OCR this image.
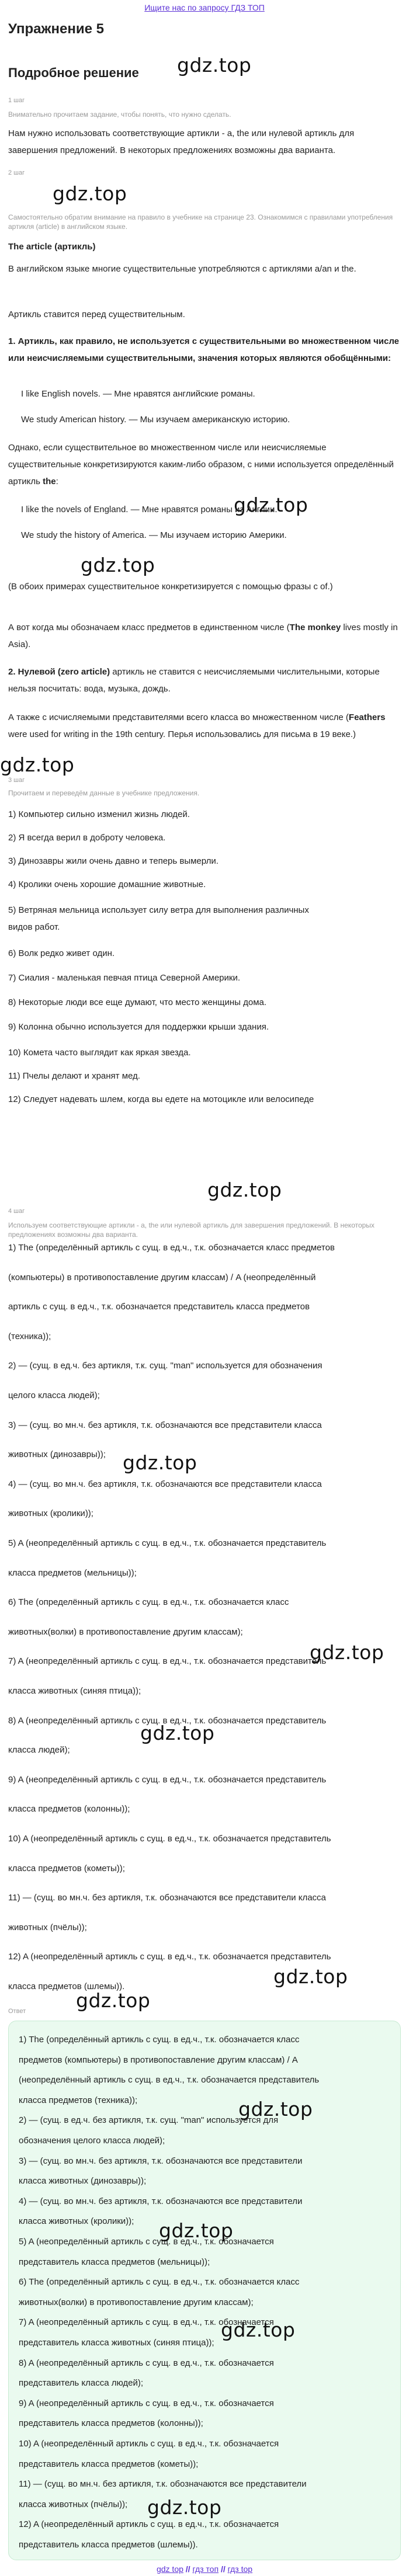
Ищите нас по запросу ГДЗ ТОП
Упражнение 5
gdz.top
Подробное решение
1 шаг
Внимательно прочитаем задание, чтобы понять, что нужно сделать.
Нам нужно использовать соответствующие артикли - a, the или нулевой артикль для завершения предложений. В некоторых предложениях возможны два варианта.
2 шаг
gdz.top
Самостоятельно обратим внимание на правило в учебнике на странице 23. Ознакомимся с правилами употребления артикля (article) в английском языке.
The article (артикль)
В английском языке многие существительные употребляются с артиклями a/an и the.
Артикль ставится перед существительным.
1. Артикль, как правило, не используется с существительными во множественном числе или неисчисляемыми существительными, значения которых являются обобщёнными:
I like English novels. — Мне нравятся английские романы.
We study American history. — Мы изучаем американскую историю.
Однако, если существительное во множественном числе или неисчисляемые существительные конкретизируются каким-либо образом, с ними используется определённый артикль the:
gdz.top
I like the novels of England. — Мне нравятся романы из Англии.
We study the history of America. — Мы изучаем историю Америки.
gdz.top
(В обоих примерах существительное конкретизируется с помощью фразы с of.)
А вот когда мы обозначаем класс предметов в единственном числе (The monkey lives mostly in Asia).
2. Нулевой (zero article) артикль не ставится с неисчисляемыми числительными, которые нельзя посчитать: вода, музыка, дождь.
А также с исчисляемыми представителями всего класса во множественном числе (Feathers were used for writing in the 19th century. Перья использовались для письма в 19 веке.)
gdz.top
3 шаг
Прочитаем и переведём данные в учебнике предложения.
1) Компьютер сильно изменил жизнь людей.
2) Я всегда верил в доброту человека.
3) Динозавры жили очень давно и теперь вымерли.
4) Кролики очень хорошие домашние животные.
5) Ветряная мельница использует силу ветра для выполнения различных
видов работ.
6) Волк редко живет один.
7) Сиалия - маленькая певчая птица Северной Америки.
8) Некоторые люди все еще думают, что место женщины дома.
9) Колонна обычно используется для поддержки крыши здания.
10) Комета часто выглядит как яркая звезда.
11) Пчелы делают и хранят мед.
12) Следует надевать шлем, когда вы едете на мотоцикле или велосипеде
gdz.top
4 шаг
Используем соответствующие артикли - a, the или нулевой артикль для завершения предложений. В некоторых предложениях возможны два варианта.
1) The (определённый артикль с сущ. в ед.ч., т.к. обозначается класс предметов
(компьютеры) в противопоставление другим классам) / A (неопределённый
артикль с сущ. в ед.ч., т.к. обозначается представитель класса предметов
(техника));
2) — (сущ. в ед.ч. без артикля, т.к. сущ. "man" используется для обозначения
целого класса людей);
3) — (сущ. во мн.ч. без артикля, т.к. обозначаются все представители класса
животных (динозавры));
4) — (сущ. во мн.ч. без артикля, т.к. обозначаются все представители класса
животных (кролики));
5) A (неопределённый артикль с сущ. в ед.ч., т.к. обозначается представитель
класса предметов (мельницы));
6) The (определённый артикль с сущ. в ед.ч., т.к. обозначается класс
животных(волки) в противопоставление другим классам);
7) A (неопределённый артикль с сущ. в ед.ч., т.к. обозначается представитель
класса животных (синяя птица));
8) A (неопределённый артикль с сущ. в ед.ч., т.к. обозначается представитель
класса людей);
9) A (неопределённый артикль с сущ. в ед.ч., т.к. обозначается представитель
класса предметов (колонны));
10) A (неопределённый артикль с сущ. в ед.ч., т.к. обозначается представитель
класса предметов (кометы));
11) — (сущ. во мн.ч. без артикля, т.к. обозначаются все представители класса
животных (пчёлы));
12) A (неопределённый артикль с сущ. в ед.ч., т.к. обозначается представитель
класса предметов (шлемы)).
gdz.top
gdz.top
gdz.top
gdz.top
Ответ	gdz.top
1) The (определённый артикль с сущ. в ед.ч., т.к. обозначается класс
предметов (компьютеры) в противопоставление другим классам) / A
(неопределённый артикль с сущ. в ед.ч., т.к. обозначается представитель
класса предметов (техника));
2) — (сущ. в ед.ч. без артикля, т.к. сущ. "man" используется для
обозначения целого класса людей);
3) — (сущ. во мн.ч. без артикля, т.к. обозначаются все представители
класса животных (динозавры));
4) — (сущ. во мн.ч. без артикля, т.к. обозначаются все представители
класса животных (кролики));
5) A (неопределённый артикль с сущ. в ед.ч., т.к. обозначается
представитель класса предметов (мельницы));
6) The (определённый артикль с сущ. в ед.ч., т.к. обозначается класс
животных(волки) в противопоставление другим классам);
7) A (неопределённый артикль с сущ. в ед.ч., т.к. обозначается
представитель класса животных (синяя птица));
8) A (неопределённый артикль с сущ. в ед.ч., т.к. обозначается
представитель класса людей);
9) A (неопределённый артикль с сущ. в ед.ч., т.к. обозначается
представитель класса предметов (колонны));
10) A (неопределённый артикль с сущ. в ед.ч., т.к. обозначается
представитель класса предметов (кометы));
11) — (сущ. во мн.ч. без артикля, т.к. обозначаются все представители
класса животных (пчёлы));
12) A (неопределённый артикль с сущ. в ед.ч., т.к. обозначается
представитель класса предметов (шлемы)).
gdz.top
gdz.top
gdz.top
gdz.top
gdz top // гдз топ // гдз top
